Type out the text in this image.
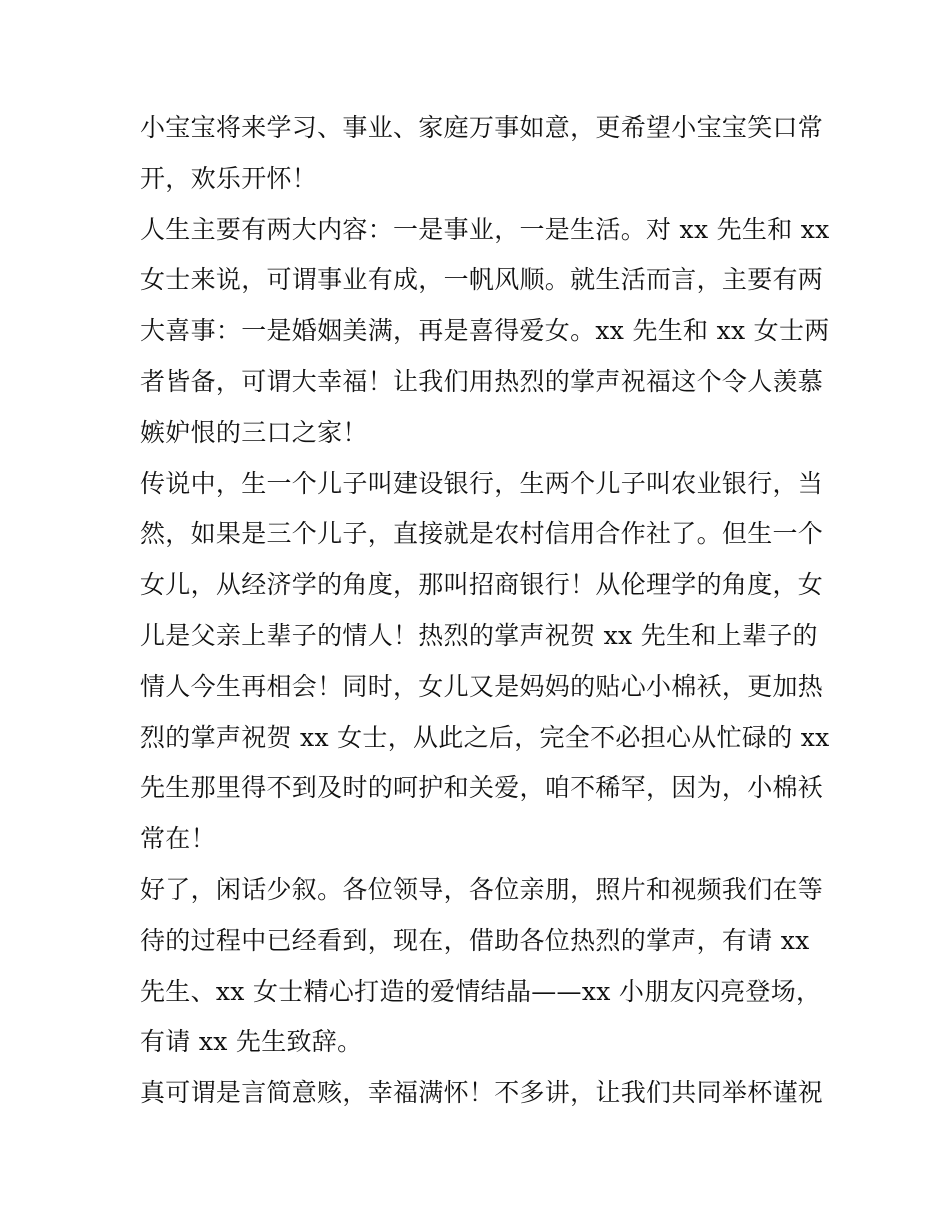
小宝宝将来学习、事业、家庭万事如意，更希望小宝宝笑口常
开，欢乐开怀！
人生主要有两大内容：一是事业，一是生活。对 xx 先生和 xx
女士来说，可谓事业有成，一帆风顺。就生活而言，主要有两
大喜事：一是婚姻美满，再是喜得爱女。xx 先生和 xx 女士两
者皆备，可谓大幸福！让我们用热烈的掌声祝福这个令人羡慕
嫉妒恨的三口之家！
传说中，生一个儿子叫建设银行，生两个儿子叫农业银行，当
然，如果是三个儿子，直接就是农村信用合作社了。但生一个
女儿，从经济学的角度，那叫招商银行！从伦理学的角度，女
儿是父亲上辈子的情人！热烈的掌声祝贺 xx 先生和上辈子的
情人今生再相会！同时，女儿又是妈妈的贴心小棉袄，更加热
烈的掌声祝贺 xx 女士，从此之后，完全不必担心从忙碌的 xx
先生那里得不到及时的呵护和关爱，咱不稀罕，因为，小棉袄
常在！
好了，闲话少叙。各位领导，各位亲朋，照片和视频我们在等
待的过程中已经看到，现在，借助各位热烈的掌声，有请 xx
先生、xx 女士精心打造的爱情结晶——xx 小朋友闪亮登场，
有请 xx 先生致辞。
真可谓是言简意赅，幸福满怀！不多讲，让我们共同举杯谨祝
